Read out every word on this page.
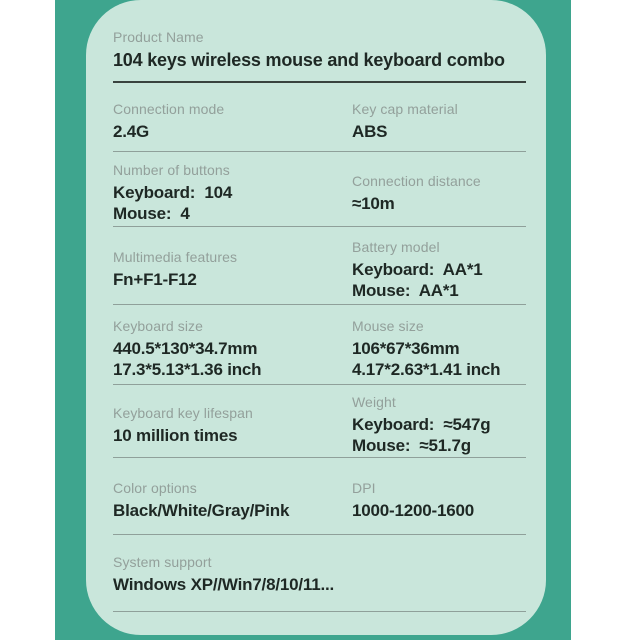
Product Name
104 keys wireless mouse and keyboard combo
Connection mode
2.4G
Key cap material
ABS
Number of buttons
Keyboard:  104
Mouse:  4
Connection distance
≈10m
Multimedia features
Fn+F1-F12
Battery model
Keyboard:  AA*1
Mouse:  AA*1
Keyboard size
440.5*130*34.7mm
17.3*5.13*1.36 inch
Mouse size
106*67*36mm
4.17*2.63*1.41 inch
Keyboard key lifespan
10 million times
Weight
Keyboard:  ≈547g
Mouse:  ≈51.7g
Color options
Black/White/Gray/Pink
DPI
1000-1200-1600
System support
Windows XP//Win7/8/10/11...
